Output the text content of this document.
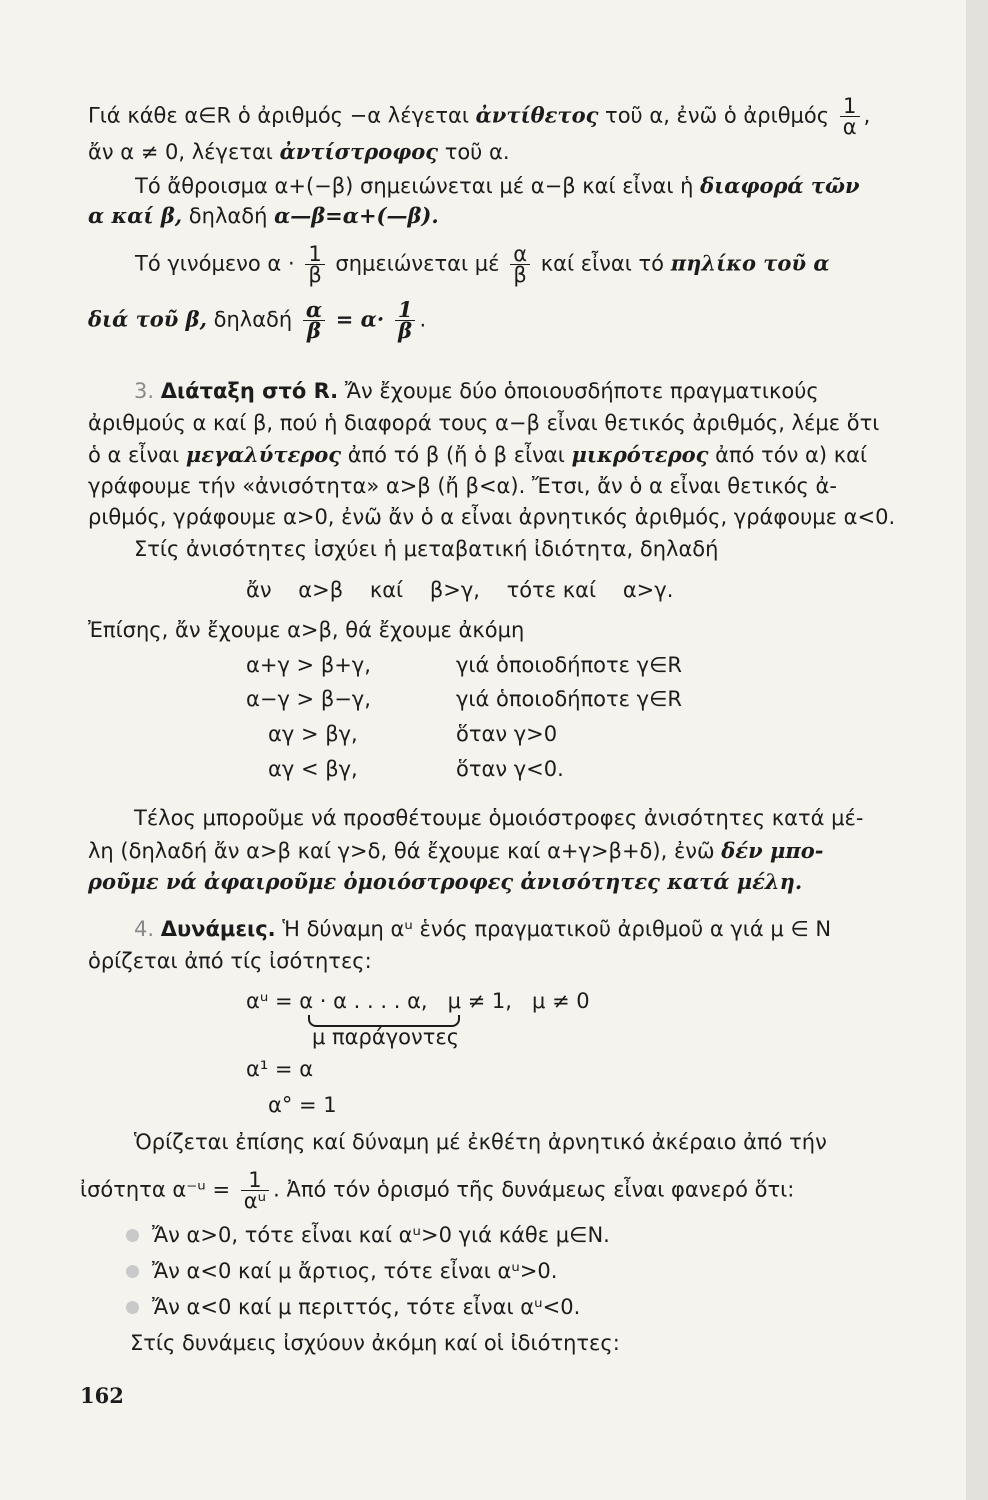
Γιά κάθε α∈R ὁ ἀριθμός −α λέγεται ἀντίθετος τοῦ α, ἐνῶ ὁ ἀριθμός $\frac{1}{\alpha}$ ,
ἄν α ≠ 0, λέγεται ἀντίστροφος τοῦ α.
Τό ἄθροισμα α+(−β) σημειώνεται μέ α−β καί εἶναι ἡ διαφορά τῶν
α καί β, δηλαδή α—β=α+(—β).
Τό γινόμενο $\alpha \cdot \frac{1}{\beta}$ σημειώνεται μέ $\frac{\alpha}{\beta}$ καί εἶναι τό πηλίκο τοῦ α
διά τοῦ β, δηλαδή $\frac{\alpha}{\beta} = \alpha\cdot \frac{1}{\beta}$ .
3. Διάταξη στό R. Ἄν ἔχουμε δύο ὁποιουσδήποτε πραγματικούς
ἀριθμούς α καί β, πού ἡ διαφορά τους α−β εἶναι θετικός ἀριθμός, λέμε ὅτι
ὁ α εἶναι μεγαλύτερος ἀπό τό β (ἤ ὁ β εἶναι μικρότερος ἀπό τόν α) καί
γράφουμε τήν «ἀνισότητα» α>β (ἤ β<α). Ἔτσι, ἄν ὁ α εἶναι θετικός ἀ-
ριθμός, γράφουμε α>0, ἐνῶ ἄν ὁ α εἶναι ἀρνητικός ἀριθμός, γράφουμε α<0.
Στίς ἀνισότητες ἰσχύει ἡ μεταβατική ἰδιότητα, δηλαδή
ἄν    α>β    καί    β>γ,    τότε καί    α>γ.
Ἐπίσης, ἄν ἔχουμε α>β, θά ἔχουμε ἀκόμη
α+γ > β+γ,	γιά ὁποιοδήποτε γ∈R
α−γ > β−γ,	γιά ὁποιοδήποτε γ∈R
αγ > βγ,	ὅταν γ>0
αγ < βγ,	ὅταν γ<0.
Τέλος μποροῦμε νά προσθέτουμε ὁμοιόστροφες ἀνισότητες κατά μέ-
λη (δηλαδή ἄν α>β καί γ>δ, θά ἔχουμε καί α+γ>β+δ), ἐνῶ δέν μπο-
ροῦμε νά ἀφαιροῦμε ὁμοιόστροφες ἀνισότητες κατά μέλη.
4. Δυνάμεις. Ἡ δύναμη αᵘ ἑνός πραγματικοῦ ἀριθμοῦ α γιά μ ∈ N
ὁρίζεται ἀπό τίς ἰσότητες:
αᵘ = α · α . . . . α,   μ ≠ 1,   μ ≠ 0
μ παράγοντες
α¹ = α
α° = 1
Ὁρίζεται ἐπίσης καί δύναμη μέ ἐκθέτη ἀρνητικό ἀκέραιο ἀπό τήν
ἰσότητα α⁻ᵘ = $\frac{1}{\text{αᵘ}}$ . Ἀπό τόν ὁρισμό τῆς δυνάμεως εἶναι φανερό ὅτι:
Ἄν α>0, τότε εἶναι καί αᵘ>0 γιά κάθε μ∈N.
Ἄν α<0 καί μ ἄρτιος, τότε εἶναι αᵘ>0.
Ἄν α<0 καί μ περιττός, τότε εἶναι αᵘ<0.
Στίς δυνάμεις ἰσχύουν ἀκόμη καί οἱ ἰδιότητες:
162
